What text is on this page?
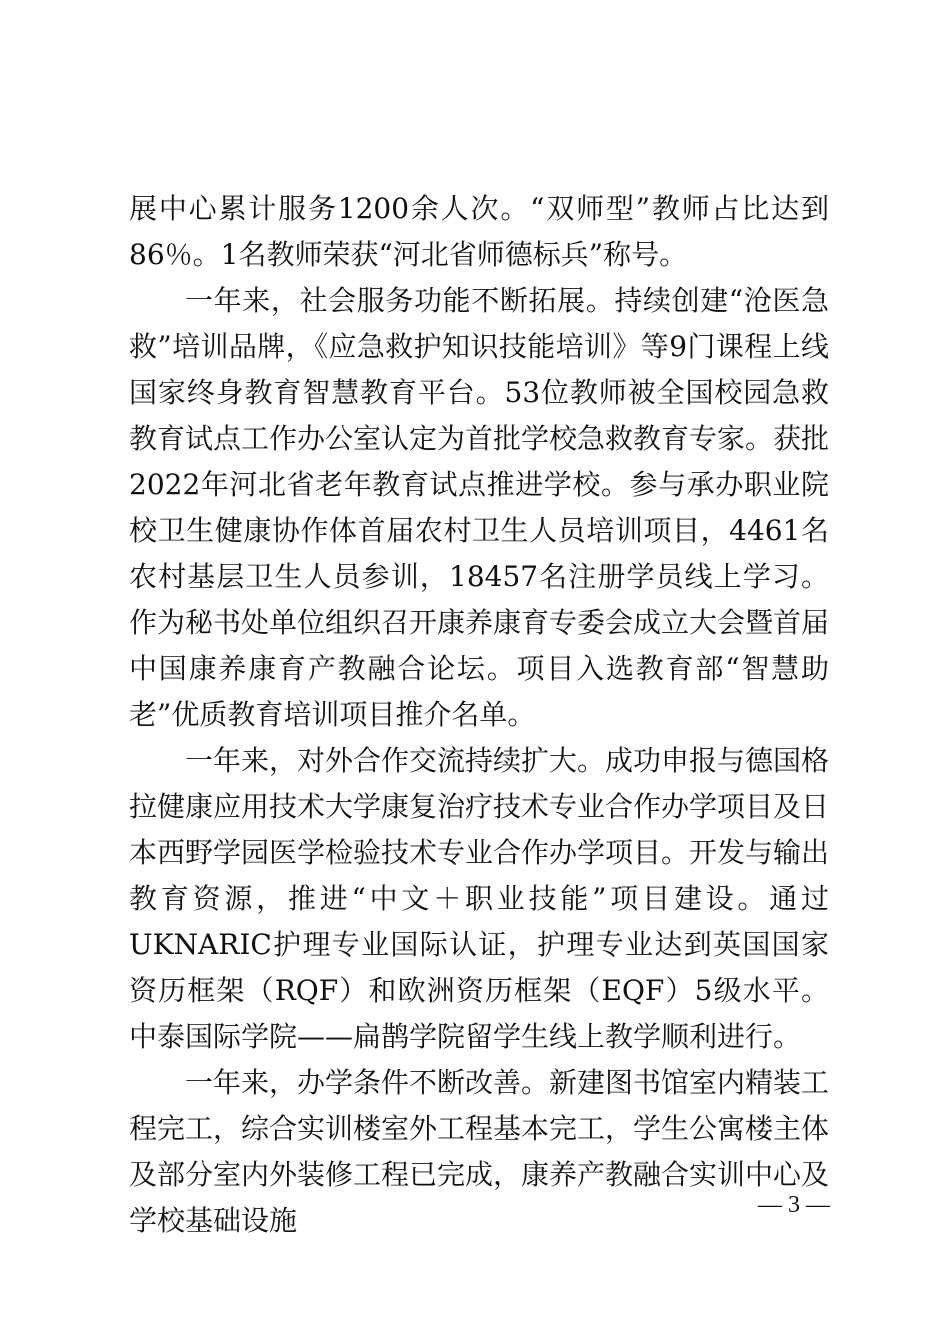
展中心累计服务1200余人次。“双师型”教师占比达到86％。1名教师荣获“河北省师德标兵”称号。

一年来，社会服务功能不断拓展。持续创建“沧医急救”培训品牌，《应急救护知识技能培训》等9门课程上线国家终身教育智慧教育平台。53位教师被全国校园急救教育试点工作办公室认定为首批学校急救教育专家。获批2022年河北省老年教育试点推进学校。参与承办职业院校卫生健康协作体首届农村卫生人员培训项目，4461名农村基层卫生人员参训，18457名注册学员线上学习。作为秘书处单位组织召开康养康育专委会成立大会暨首届中国康养康育产教融合论坛。项目入选教育部“智慧助老”优质教育培训项目推介名单。

一年来，对外合作交流持续扩大。成功申报与德国格拉健康应用技术大学康复治疗技术专业合作办学项目及日本西野学园医学检验技术专业合作办学项目。开发与输出教育资源，推进“中文＋职业技能”项目建设。通过UKNARIC护理专业国际认证，护理专业达到英国国家资历框架（RQF）和欧洲资历框架（EQF）5级水平。中泰国际学院——扁鹊学院留学生线上教学顺利进行。

一年来，办学条件不断改善。新建图书馆室内精装工程完工，综合实训楼室外工程基本完工，学生公寓楼主体及部分室内外装修工程已完成，康养产教融合实训中心及学校基础设施	— 3 —
